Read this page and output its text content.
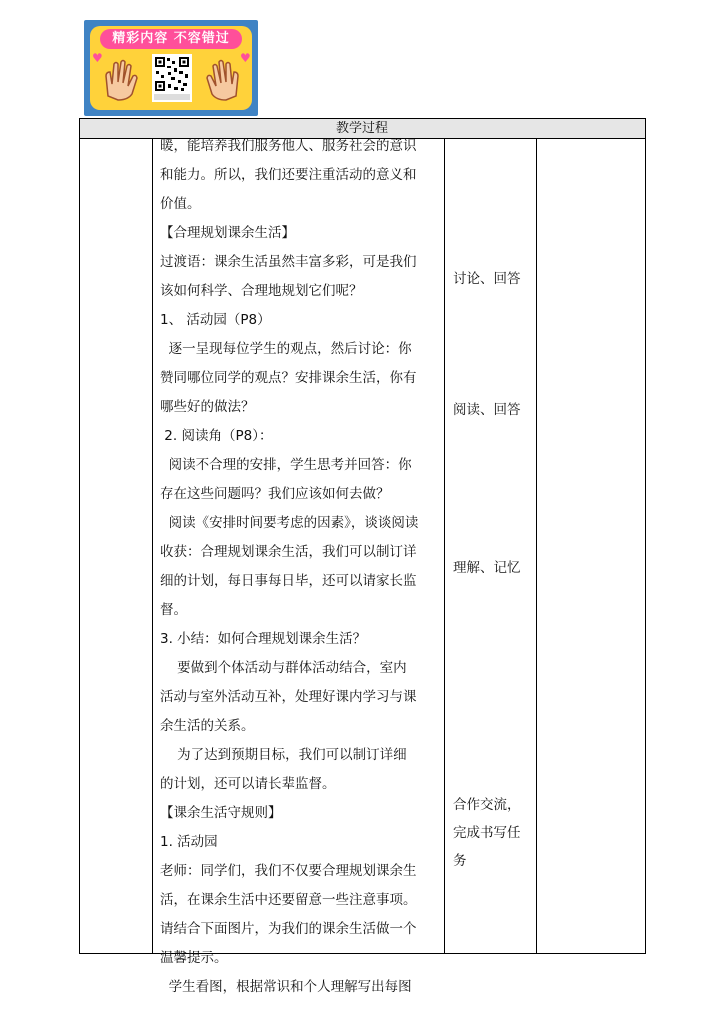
精彩内容 不容错过
♥	♥
教学过程
暖，能培养我们服务他人、服务社会的意识
和能力。所以，我们还要注重活动的意义和
价值。
【合理规划课余生活】
过渡语：课余生活虽然丰富多彩，可是我们
该如何科学、合理地规划它们呢？
1、 活动园（P8）
逐一呈现每位学生的观点，然后讨论：你
赞同哪位同学的观点？安排课余生活，你有
哪些好的做法？
2. 阅读角（P8）：
阅读不合理的安排，学生思考并回答：你
存在这些问题吗？我们应该如何去做？
阅读《安排时间要考虑的因素》，谈谈阅读
收获：合理规划课余生活，我们可以制订详
细的计划，每日事每日毕，还可以请家长监
督。
3. 小结：如何合理规划课余生活？
要做到个体活动与群体活动结合，室内
活动与室外活动互补，处理好课内学习与课
余生活的关系。
为了达到预期目标，我们可以制订详细
的计划，还可以请长辈监督。
【课余生活守规则】
1. 活动园
老师：同学们，我们不仅要合理规划课余生
活，在课余生活中还要留意一些注意事项。
请结合下面图片，为我们的课余生活做一个
温馨提示。
学生看图，根据常识和个人理解写出每图
讨论、回答
阅读、回答
理解、记忆
合作交流，
完成书写任
务
